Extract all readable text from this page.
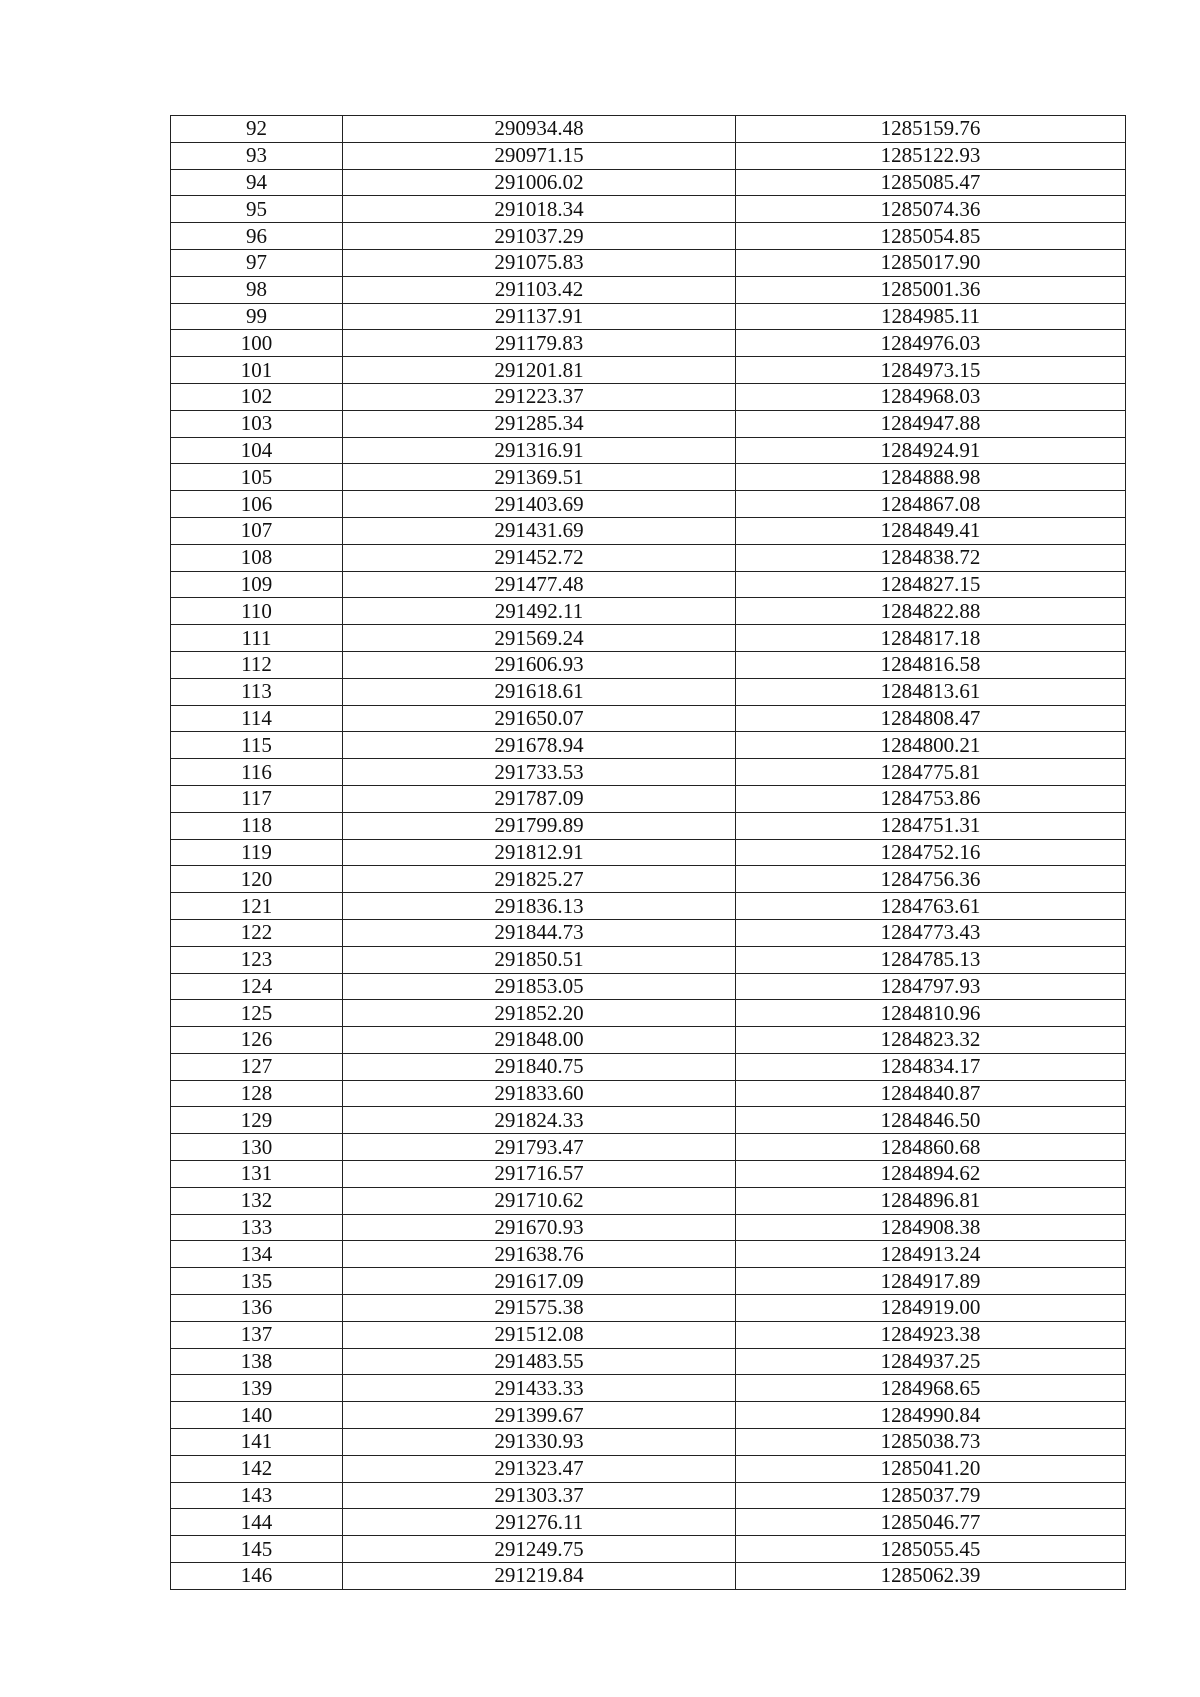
92	290934.48	1285159.76
93	290971.15	1285122.93
94	291006.02	1285085.47
95	291018.34	1285074.36
96	291037.29	1285054.85
97	291075.83	1285017.90
98	291103.42	1285001.36
99	291137.91	1284985.11
100	291179.83	1284976.03
101	291201.81	1284973.15
102	291223.37	1284968.03
103	291285.34	1284947.88
104	291316.91	1284924.91
105	291369.51	1284888.98
106	291403.69	1284867.08
107	291431.69	1284849.41
108	291452.72	1284838.72
109	291477.48	1284827.15
110	291492.11	1284822.88
111	291569.24	1284817.18
112	291606.93	1284816.58
113	291618.61	1284813.61
114	291650.07	1284808.47
115	291678.94	1284800.21
116	291733.53	1284775.81
117	291787.09	1284753.86
118	291799.89	1284751.31
119	291812.91	1284752.16
120	291825.27	1284756.36
121	291836.13	1284763.61
122	291844.73	1284773.43
123	291850.51	1284785.13
124	291853.05	1284797.93
125	291852.20	1284810.96
126	291848.00	1284823.32
127	291840.75	1284834.17
128	291833.60	1284840.87
129	291824.33	1284846.50
130	291793.47	1284860.68
131	291716.57	1284894.62
132	291710.62	1284896.81
133	291670.93	1284908.38
134	291638.76	1284913.24
135	291617.09	1284917.89
136	291575.38	1284919.00
137	291512.08	1284923.38
138	291483.55	1284937.25
139	291433.33	1284968.65
140	291399.67	1284990.84
141	291330.93	1285038.73
142	291323.47	1285041.20
143	291303.37	1285037.79
144	291276.11	1285046.77
145	291249.75	1285055.45
146	291219.84	1285062.39
